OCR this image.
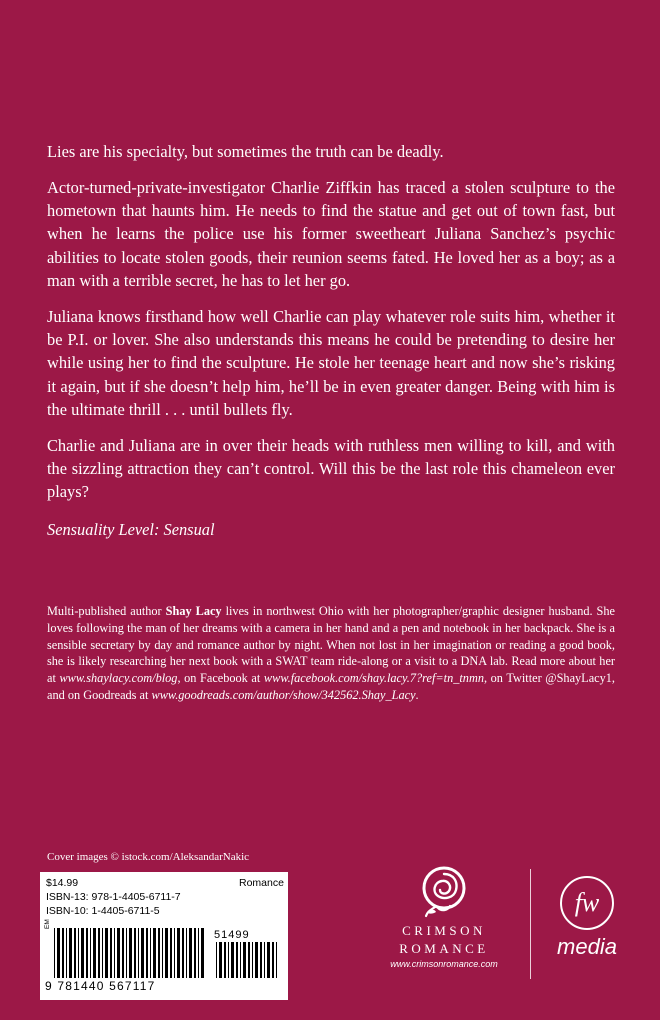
Lies are his specialty, but sometimes the truth can be deadly.

Actor-turned-private-investigator Charlie Ziffkin has traced a stolen sculpture to the hometown that haunts him. He needs to find the statue and get out of town fast, but when he learns the police use his former sweetheart Juliana Sanchez’s psychic abilities to locate stolen goods, their reunion seems fated. He loved her as a boy; as a man with a terrible secret, he has to let her go.

Juliana knows firsthand how well Charlie can play whatever role suits him, whether it be P.I. or lover. She also understands this means he could be pretending to desire her while using her to find the sculpture. He stole her teenage heart and now she’s risking it again, but if she doesn’t help him, he’ll be in even greater danger. Being with him is the ultimate thrill . . . until bullets fly.

Charlie and Juliana are in over their heads with ruthless men willing to kill, and with the sizzling attraction they can’t control. Will this be the last role this chameleon ever plays?

Sensuality Level: Sensual

Multi-published author Shay Lacy lives in northwest Ohio with her photographer/graphic designer husband. She loves following the man of her dreams with a camera in her hand and a pen and notebook in her backpack. She is a sensible secretary by day and romance author by night. When not lost in her imagination or reading a good book, she is likely researching her next book with a SWAT team ride-along or a visit to a DNA lab. Read more about her at www.shaylacy.com/blog, on Facebook at www.facebook.com/shay.lacy.7?ref=tn_tnmn, on Twitter @ShayLacy1, and on Goodreads at www.goodreads.com/author/show/342562.Shay_Lacy.
Cover images © istock.com/AleksandarNakic
$14.99
ISBN-13: 978-1-4405-6711-7
ISBN-10: 1-4405-6711-5
Romance
EM
51499
9 781440 567117
CRIMSON
ROMANCE
www.crimsonromance.com
fw
media
